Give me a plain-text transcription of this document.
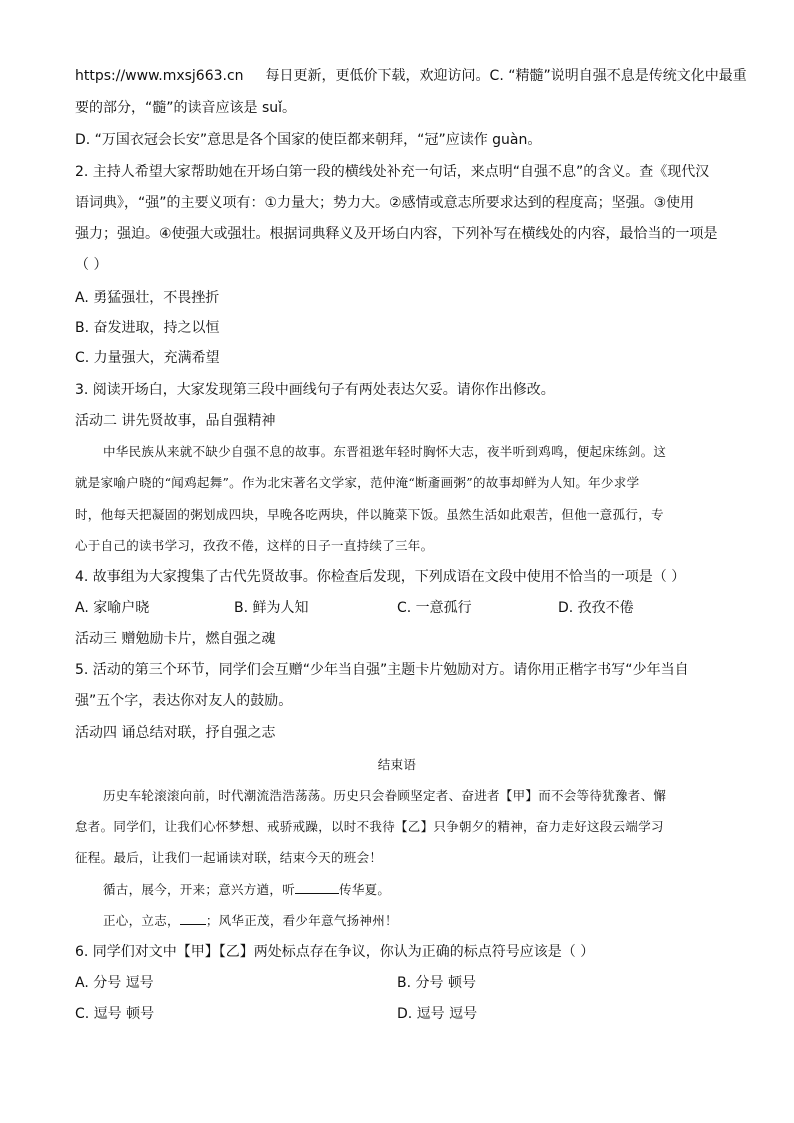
https://www.mxsj663.cn 每日更新，更低价下载，欢迎访问。C. “精髓”说明自强不息是传统文化中最重
要的部分，“髓”的读音应该是 suǐ。
D. “万国衣冠会长安”意思是各个国家的使臣都来朝拜，“冠”应读作 guàn。
2. 主持人希望大家帮助她在开场白第一段的横线处补充一句话，来点明“自强不息”的含义。查《现代汉
语词典》，“强”的主要义项有：①力量大；势力大。②感情或意志所要求达到的程度高；坚强。③使用
强力；强迫。④使强大或强壮。根据词典释义及开场白内容，下列补写在横线处的内容，最恰当的一项是
（ ）
A. 勇猛强壮，不畏挫折
B. 奋发进取，持之以恒
C. 力量强大，充满希望
3. 阅读开场白，大家发现第三段中画线句子有两处表达欠妥。请你作出修改。
活动二 讲先贤故事，品自强精神
中华民族从来就不缺少自强不息的故事。东晋祖逖年轻时胸怀大志，夜半听到鸡鸣，便起床练剑。这
就是家喻户晓的“闻鸡起舞”。作为北宋著名文学家，范仲淹“断齑画粥”的故事却鲜为人知。年少求学
时，他每天把凝固的粥划成四块，早晚各吃两块，伴以腌菜下饭。虽然生活如此艰苦，但他一意孤行，专
心于自己的读书学习，孜孜不倦，这样的日子一直持续了三年。
4. 故事组为大家搜集了古代先贤故事。你检查后发现，下列成语在文段中使用不恰当的一项是（ ）
A. 家喻户晓	B. 鲜为人知	C. 一意孤行	D. 孜孜不倦
活动三 赠勉励卡片，燃自强之魂
5. 活动的第三个环节，同学们会互赠“少年当自强”主题卡片勉励对方。请你用正楷字书写“少年当自
强”五个字，表达你对友人的鼓励。
活动四 诵总结对联，抒自强之志
结束语
历史车轮滚滚向前，时代潮流浩浩荡荡。历史只会眷顾坚定者、奋进者【甲】而不会等待犹豫者、懈
怠者。同学们，让我们心怀梦想、戒骄戒躁，以时不我待【乙】只争朝夕的精神，奋力走好这段云端学习
征程。最后，让我们一起诵读对联，结束今天的班会！
循古，展今，开来；意兴方遒，听	传华夏。
正心，立志， ；风华正茂，看少年意气扬神州！
6. 同学们对文中【甲】【乙】两处标点存在争议，你认为正确的标点符号应该是（ ）
A. 分号 逗号	B. 分号 顿号
C. 逗号 顿号	D. 逗号 逗号
